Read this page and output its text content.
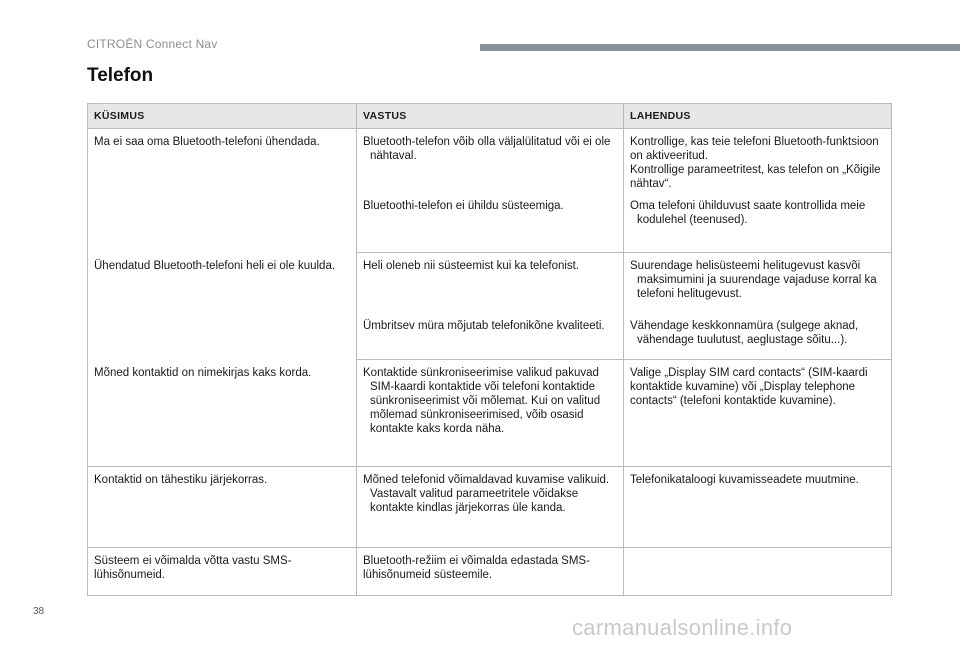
CITROËN Connect Nav
Telefon
KÜSIMUS	VASTUS	LAHENDUS

Ma ei saa oma Bluetooth-telefoni ühendada.	Bluetooth-telefon võib olla väljalülitatud või ei ole nähtaval.	Kontrollige, kas teie telefoni Bluetooth-funktsioon on aktiveeritud.
Kontrollige parameetritest, kas telefon on „Kõigile nähtav“.

	Bluetoothi-telefon ei ühildu süsteemiga.	Oma telefoni ühilduvust saate kontrollida meie kodulehel (teenused).

Ühendatud Bluetooth-telefoni heli ei ole kuulda.	Heli oleneb nii süsteemist kui ka telefonist.	Suurendage helisüsteemi helitugevust kasvõi maksimumini ja suurendage vajaduse korral ka telefoni helitugevust.

	Ümbritsev müra mõjutab telefonikõne kvaliteeti.	Vähendage keskkonnamüra (sulgege aknad, vähendage tuulutust, aeglustage sõitu...).

Mõned kontaktid on nimekirjas kaks korda.	Kontaktide sünkroniseerimise valikud pakuvad SIM-kaardi kontaktide või telefoni kontaktide sünkroniseerimist või mõlemat. Kui on valitud mõlemad sünkroniseerimised, võib osasid kontakte kaks korda näha.	Valige „Display SIM card contacts“ (SIM-kaardi kontaktide kuvamine) või „Display telephone contacts“ (telefoni kontaktide kuvamine).

Kontaktid on tähestiku järjekorras.	Mõned telefonid võimaldavad kuvamise valikuid. Vastavalt valitud parameetritele võidakse kontakte kindlas järjekorras üle kanda.	Telefonikataloogi kuvamisseadete muutmine.

Süsteem ei võimalda võtta vastu SMS-lühisõnumeid.	Bluetooth-režiim ei võimalda edastada SMS-lühisõnumeid süsteemile.	

38
carmanualsonline.info
